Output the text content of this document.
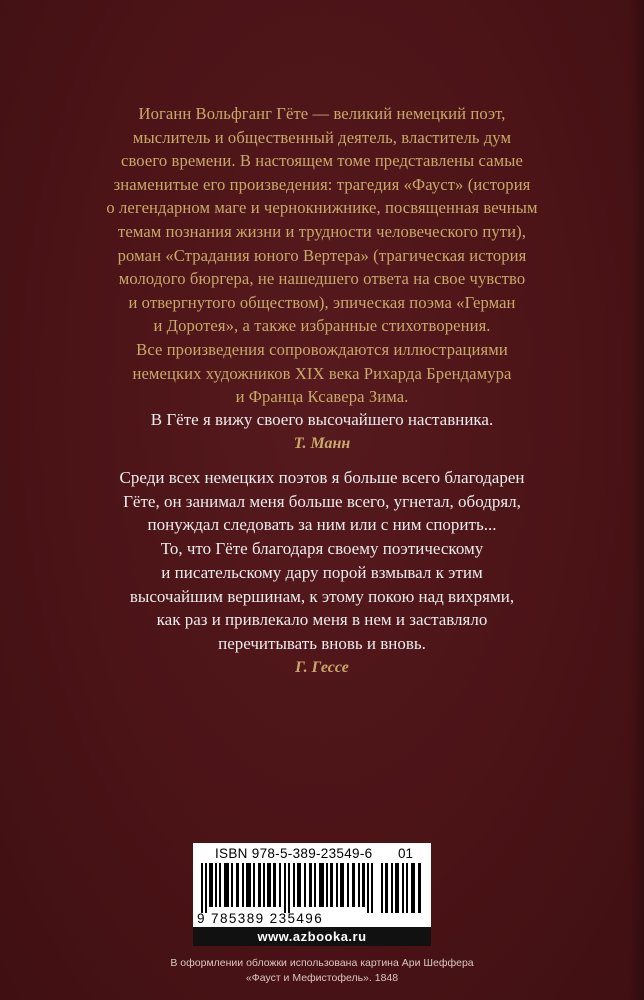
Иоганн Вольфганг Гёте — великий немецкий поэт,

мыслитель и общественный деятель, властитель дум

своего времени. В настоящем томе представлены самые

знаменитые его произведения: трагедия «Фауст» (история

о легендарном маге и чернокнижнике, посвященная вечным

темам познания жизни и трудности человеческого пути),

роман «Страдания юного Вертера» (трагическая история

молодого бюргера, не нашедшего ответа на свое чувство

и отвергнутого обществом), эпическая поэма «Герман

и Доротея», а также избранные стихотворения.

Все произведения сопровождаются иллюстрациями

немецких художников XIX века Рихарда Брендамура

и Франца Ксавера Зима.

В Гёте я вижу своего высочайшего наставника.

Т. Манн

Среди всех немецких поэтов я больше всего благодарен

Гёте, он занимал меня больше всего, угнетал, ободрял,

понуждал следовать за ним или с ним спорить...

То, что Гёте благодаря своему поэтическому

и писательскому дару порой взмывал к этим

высочайшим вершинам, к этому покою над вихрями,

как раз и привлекало меня в нем и заставляло

перечитывать вновь и вновь.

Г. Гессе

ISBN 978-5-389-23549-6 01
9 785389 235496
www.azbooka.ru
В оформлении обложки использована картина Ари Шеффера
«Фауст и Мефистофель». 1848
